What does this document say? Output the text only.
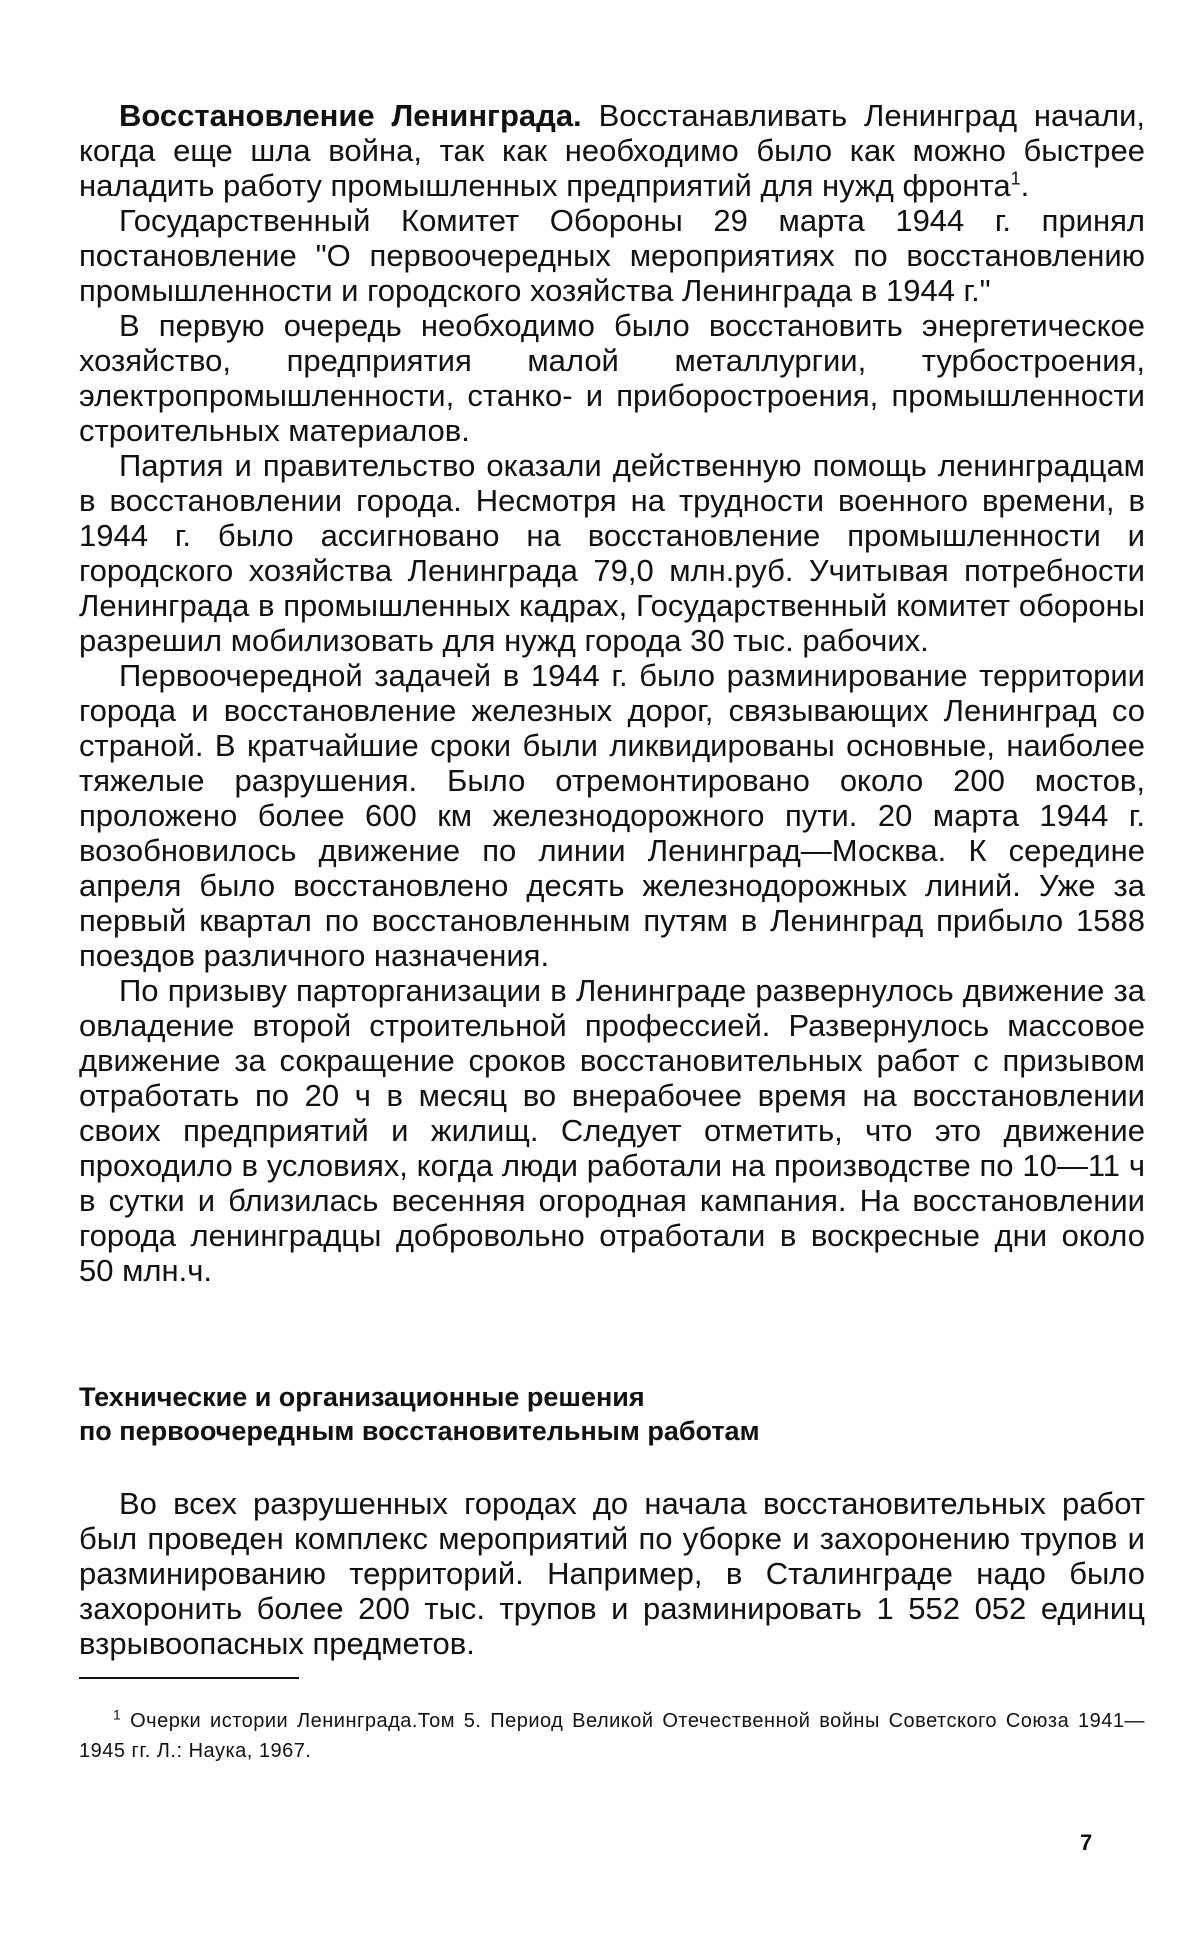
Восстановление Ленинграда. Восстанавливать Ленинград начали, когда еще шла война, так как необходимо было как можно быстрее наладить работу промышленных предприятий для нужд фронта$^1$.

Государственный Комитет Обороны 29 марта 1944 г. принял постановление "О первоочередных мероприятиях по восстановлению промышленности и городского хозяйства Ленинграда в 1944 г."

В первую очередь необходимо было восстановить энергетическое хозяйство, предприятия малой металлургии, турбостроения, электропромышленности, станко- и приборостроения, промышленности строительных материалов.

Партия и правительство оказали действенную помощь ленинградцам в восстановлении города. Несмотря на трудности военного времени, в 1944 г. было ассигновано на восстановление промышленности и городского хозяйства Ленинграда 79,0 млн.руб. Учитывая потребности Ленинграда в промышленных кадрах, Государственный комитет обороны разрешил мобилизовать для нужд города 30 тыс. рабочих.

Первоочередной задачей в 1944 г. было разминирование территории города и восстановление железных дорог, связывающих Ленинград со страной. В кратчайшие сроки были ликвидированы основные, наиболее тяжелые разрушения. Было отремонтировано около 200 мостов, проложено более 600 км железнодорожного пути. 20 марта 1944 г. возобновилось движение по линии Ленинград—Москва. К середине апреля было восстановлено десять железнодорожных линий. Уже за первый квартал по восстановленным путям в Ленинград прибыло 1588 поездов различного назначения.

По призыву парторганизации в Ленинграде развернулось движение за овладение второй строительной профессией. Развернулось массовое движение за сокращение сроков восстановительных работ с призывом отработать по 20 ч в месяц во внерабочее время на восстановлении своих предприятий и жилищ. Следует отметить, что это движение проходило в условиях, когда люди работали на производстве по 10—11 ч в сутки и близилась весенняя огородная кампания. На восстановлении города ленинградцы добровольно отработали в воскресные дни около 50 млн.ч.

Технические и организационные решения
по первоочередным восстановительным работам

Во всех разрушенных городах до начала восстановительных работ был проведен комплекс мероприятий по уборке и захоронению трупов и разминированию территорий. Например, в Сталинграде надо было захоронить более 200 тыс. трупов и разминировать 1 552 052 единиц взрывоопасных предметов.

$^1$ Очерки истории Ленинграда.Том 5. Период Великой Отечественной войны Советского Союза 1941—1945 гг. Л.: Наука, 1967.

7
